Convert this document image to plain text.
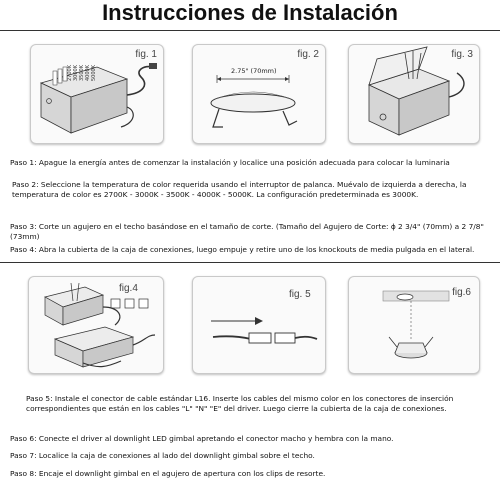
Instrucciones de Instalación
fig. 1
2700K
3000K
3500K
4000K
5000K
fig. 2
2.75" (70mm)
fig. 3
Paso 1: Apague la energía antes de comenzar la instalación y localice una posición adecuada para colocar la luminaria
Paso 2: Seleccione la temperatura de color requerida usando el interruptor de palanca. Muévalo de izquierda a derecha, la temperatura de color es 2700K - 3000K - 3500K - 4000K - 5000K. La configuración predeterminada es 3000K.
Paso 3: Corte un agujero en el techo basándose en el tamaño de corte. (Tamaño del Agujero de Corte: ϕ 2 3/4" (70mm) a 2 7/8" (73mm)
Paso 4: Abra la cubierta de la caja de conexiones, luego empuje y retire uno de los knockouts de media pulgada en el lateral.
fig.4
fig. 5	fig.6
Paso 5: Instale el conector de cable estándar L16. Inserte los cables del mismo color en los conectores de inserción correspondientes que están en los cables "L" "N" "E" del driver. Luego cierre la cubierta de la caja de conexiones.
Paso 6: Conecte el driver al downlight LED gimbal apretando el conector macho y hembra con la mano.
Paso 7: Localice la caja de conexiones al lado del downlight gimbal sobre el techo.
Paso 8: Encaje el downlight gimbal en el agujero de apertura con los clips de resorte.
